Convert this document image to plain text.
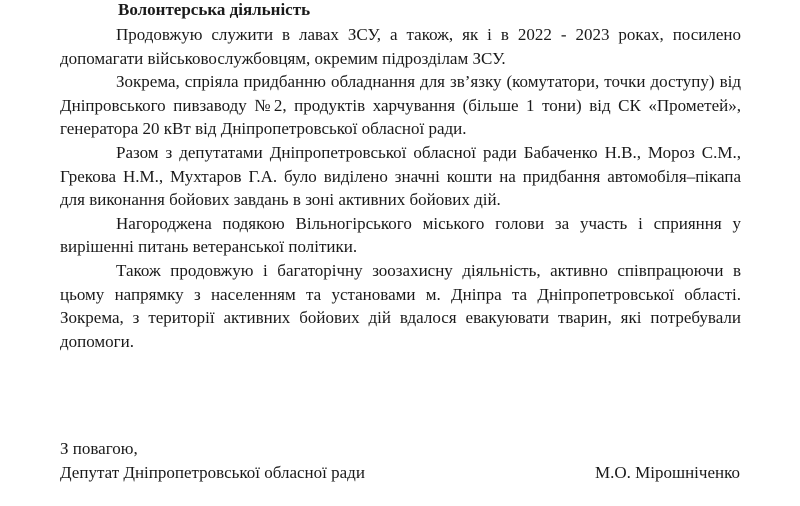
Волонтерська діяльність

Продовжую служити в лавах ЗСУ, а також, як і в 2022 - 2023 роках, посилено допомагати військовослужбовцям, окремим підрозділам ЗСУ.

Зокрема, спріяла придбанню обладнання для зв’язку (комутатори, точки доступу) від Дніпровського пивзаводу №2, продуктів харчування (більше 1 тони) від СК «Прометей», генератора 20 кВт від Дніпропетровської обласної ради.

Разом з депутатами Дніпропетровської обласної ради Бабаченко Н.В., Мороз С.М., Грекова Н.М., Мухтаров Г.А. було виділено значні кошти на придбання автомобіля–пікапа для виконання бойових завдань в зоні активних бойових дій.

Нагороджена подякою Вільногірського міського голови за участь і сприяння у вирішенні питань ветеранської політики.

Також продовжую і багаторічну зоозахисну діяльність, активно співпрацюючи в цьому напрямку з населенням та установами м. Дніпра та Дніпропетровської області. Зокрема, з території активних бойових дій вдалося евакуювати тварин, які потребували допомоги.

З повагою,
Депутат Дніпропетровської обласної ради	М.О. Мірошніченко
